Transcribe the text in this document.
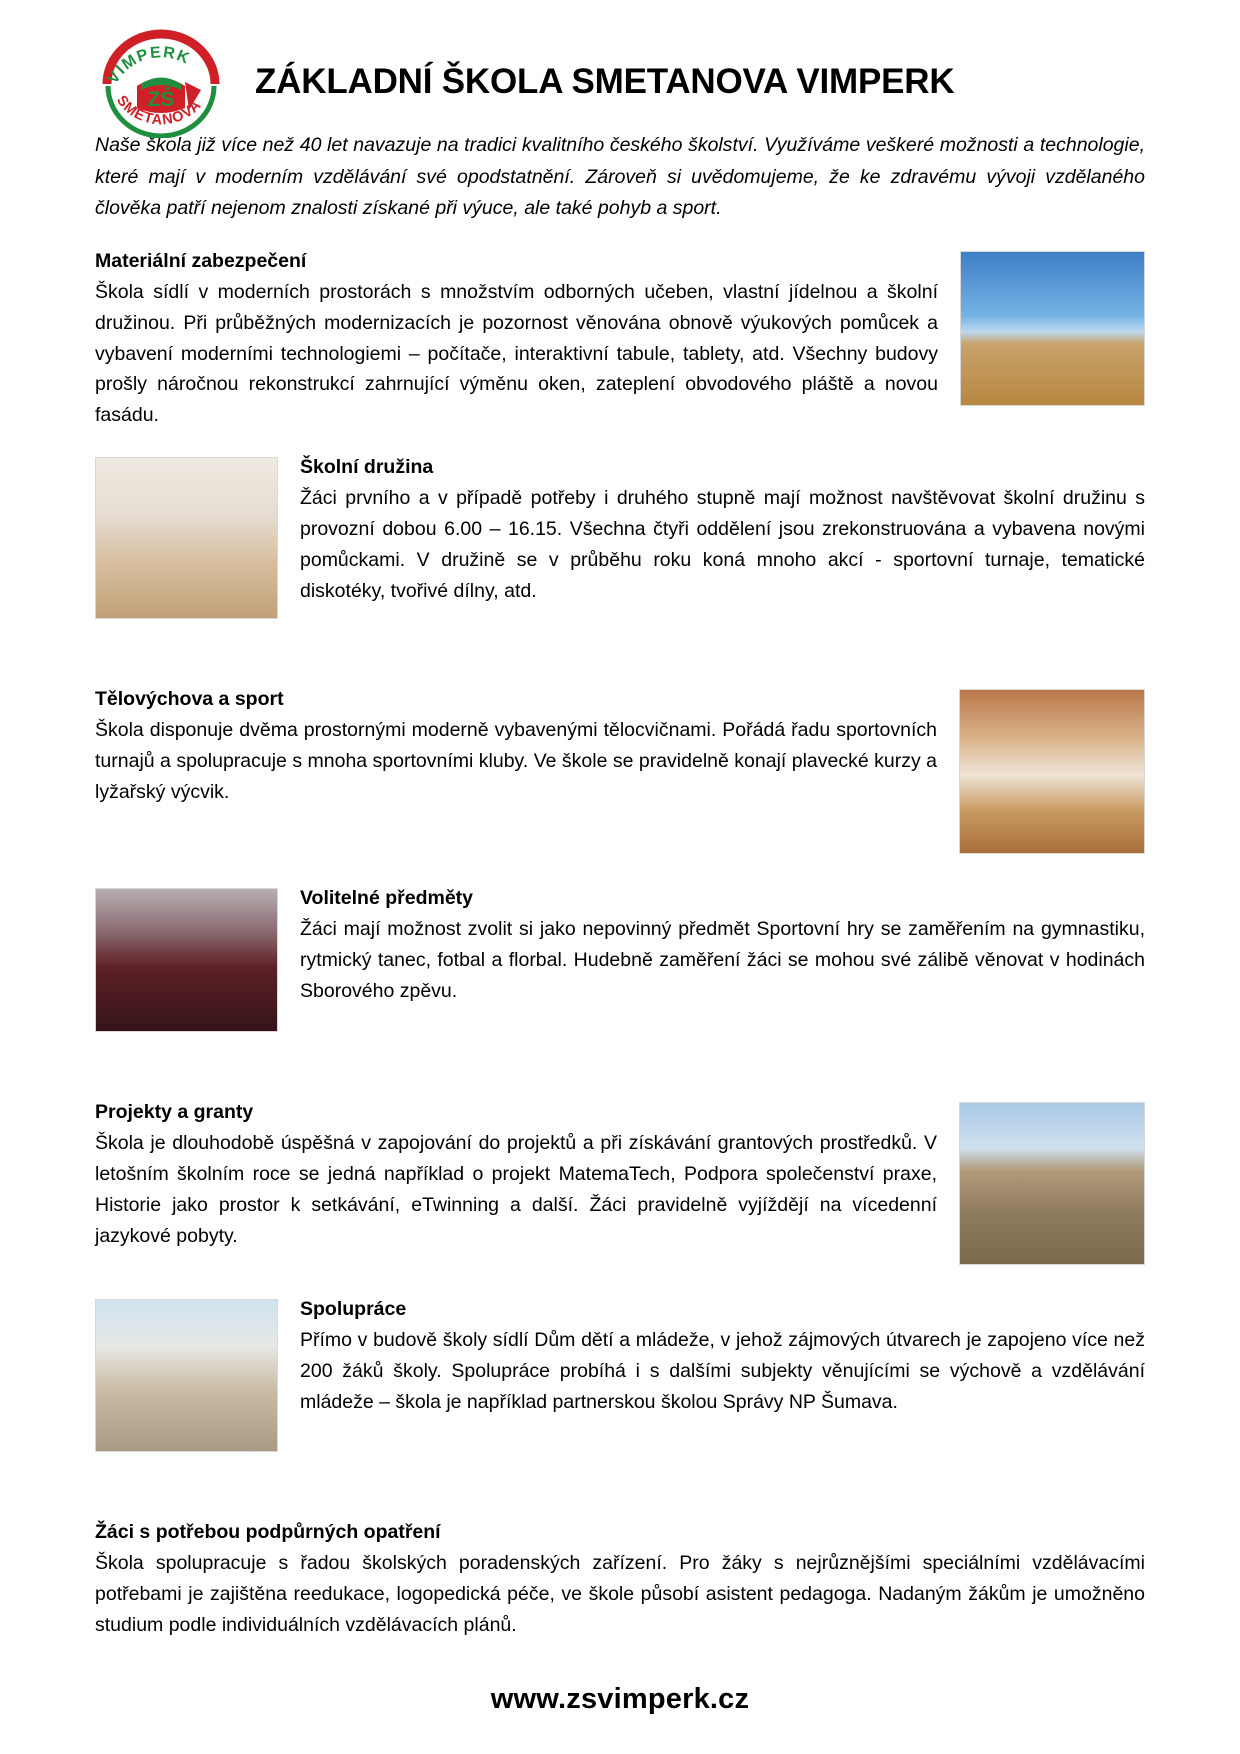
VIMPERK
ZŠ
SMETANOVA
ZÁKLADNÍ ŠKOLA SMETANOVA VIMPERK

Naše škola již více než 40 let navazuje na tradici kvalitního českého školství. Využíváme veškeré možnosti a technologie, které mají v moderním vzdělávání své opodstatnění. Zároveň si uvědomujeme, že ke zdravému vývoji vzdělaného člověka patří nejenom znalosti získané při výuce, ale také pohyb a sport.

Materiální zabezpečení
Škola sídlí v moderních prostorách s množstvím odborných učeben, vlastní jídelnou a školní družinou. Při průběžných modernizacích je pozornost věnována obnově výukových pomůcek a vybavení moderními technologiemi – počítače, interaktivní tabule, tablety, atd. Všechny budovy prošly náročnou rekonstrukcí zahrnující výměnu oken, zateplení obvodového pláště a novou fasádu.
Školní družina
Žáci prvního a v případě potřeby i druhého stupně mají možnost navštěvovat školní družinu s provozní dobou 6.00 – 16.15. Všechna čtyři oddělení jsou zrekonstruována a vybavena novými pomůckami. V družině se v průběhu roku koná mnoho akcí - sportovní turnaje, tematické diskotéky, tvořivé dílny, atd.
Tělovýchova a sport
Škola disponuje dvěma prostornými moderně vybavenými tělocvičnami. Pořádá řadu sportovních turnajů a spolupracuje s mnoha sportovními kluby. Ve škole se pravidelně konají plavecké kurzy a lyžařský výcvik.
Volitelné předměty
Žáci mají možnost zvolit si jako nepovinný předmět Sportovní hry se zaměřením na gymnastiku, rytmický tanec, fotbal a florbal. Hudebně zaměření žáci se mohou své zálibě věnovat v hodinách Sborového zpěvu.
Projekty a granty
Škola je dlouhodobě úspěšná v zapojování do projektů a při získávání grantových prostředků. V letošním školním roce se jedná například o projekt MatemaTech, Podpora společenství praxe, Historie jako prostor k setkávání, eTwinning a další. Žáci pravidelně vyjíždějí na vícedenní jazykové pobyty.
Spolupráce
Přímo v budově školy sídlí Dům dětí a mládeže, v jehož zájmových útvarech je zapojeno více než 200 žáků školy. Spolupráce probíhá i s dalšími subjekty věnujícími se výchově a vzdělávání mládeže – škola je například partnerskou školou Správy NP Šumava.
Žáci s potřebou podpůrných opatření
Škola spolupracuje s řadou školských poradenských zařízení. Pro žáky s nejrůznějšími speciálními vzdělávacími potřebami je zajištěna reedukace, logopedická péče, ve škole působí asistent pedagoga. Nadaným žákům je umožněno studium podle individuálních vzdělávacích plánů.
www.zsvimperk.cz
